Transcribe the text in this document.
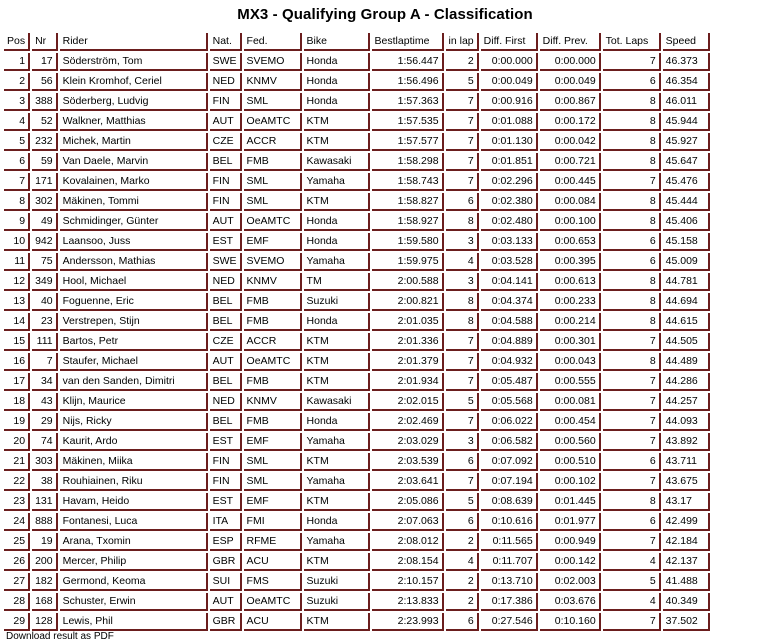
MX3 - Qualifying Group A - Classification
Pos	Nr	Rider	Nat.	Fed.	Bike	Bestlaptime	in lap	Diff. First	Diff. Prev.	Tot. Laps	Speed
1	17	Söderström, Tom	SWE	SVEMO	Honda	1:56.447	2	0:00.000	0:00.000	7	46.373
2	56	Klein Kromhof, Ceriel	NED	KNMV	Honda	1:56.496	5	0:00.049	0:00.049	6	46.354
3	388	Söderberg, Ludvig	FIN	SML	Honda	1:57.363	7	0:00.916	0:00.867	8	46.011
4	52	Walkner, Matthias	AUT	OeAMTC	KTM	1:57.535	7	0:01.088	0:00.172	8	45.944
5	232	Michek, Martin	CZE	ACCR	KTM	1:57.577	7	0:01.130	0:00.042	8	45.927
6	59	Van Daele, Marvin	BEL	FMB	Kawasaki	1:58.298	7	0:01.851	0:00.721	8	45.647
7	171	Kovalainen, Marko	FIN	SML	Yamaha	1:58.743	7	0:02.296	0:00.445	7	45.476
8	302	Mäkinen, Tommi	FIN	SML	KTM	1:58.827	6	0:02.380	0:00.084	8	45.444
9	49	Schmidinger, Günter	AUT	OeAMTC	Honda	1:58.927	8	0:02.480	0:00.100	8	45.406
10	942	Laansoo, Juss	EST	EMF	Honda	1:59.580	3	0:03.133	0:00.653	6	45.158
11	75	Andersson, Mathias	SWE	SVEMO	Yamaha	1:59.975	4	0:03.528	0:00.395	6	45.009
12	349	Hool, Michael	NED	KNMV	TM	2:00.588	3	0:04.141	0:00.613	8	44.781
13	40	Foguenne, Eric	BEL	FMB	Suzuki	2:00.821	8	0:04.374	0:00.233	8	44.694
14	23	Verstrepen, Stijn	BEL	FMB	Honda	2:01.035	8	0:04.588	0:00.214	8	44.615
15	111	Bartos, Petr	CZE	ACCR	KTM	2:01.336	7	0:04.889	0:00.301	7	44.505
16	7	Staufer, Michael	AUT	OeAMTC	KTM	2:01.379	7	0:04.932	0:00.043	8	44.489
17	34	van den Sanden, Dimitri	BEL	FMB	KTM	2:01.934	7	0:05.487	0:00.555	7	44.286
18	43	Klijn, Maurice	NED	KNMV	Kawasaki	2:02.015	5	0:05.568	0:00.081	7	44.257
19	29	Nijs, Ricky	BEL	FMB	Honda	2:02.469	7	0:06.022	0:00.454	7	44.093
20	74	Kaurit, Ardo	EST	EMF	Yamaha	2:03.029	3	0:06.582	0:00.560	7	43.892
21	303	Mäkinen, Miika	FIN	SML	KTM	2:03.539	6	0:07.092	0:00.510	6	43.711
22	38	Rouhiainen, Riku	FIN	SML	Yamaha	2:03.641	7	0:07.194	0:00.102	7	43.675
23	131	Havam, Heido	EST	EMF	KTM	2:05.086	5	0:08.639	0:01.445	8	43.17
24	888	Fontanesi, Luca	ITA	FMI	Honda	2:07.063	6	0:10.616	0:01.977	6	42.499
25	19	Arana, Txomin	ESP	RFME	Yamaha	2:08.012	2	0:11.565	0:00.949	7	42.184
26	200	Mercer, Philip	GBR	ACU	KTM	2:08.154	4	0:11.707	0:00.142	4	42.137
27	182	Germond, Keoma	SUI	FMS	Suzuki	2:10.157	2	0:13.710	0:02.003	5	41.488
28	168	Schuster, Erwin	AUT	OeAMTC	Suzuki	2:13.833	2	0:17.386	0:03.676	4	40.349
29	128	Lewis, Phil	GBR	ACU	KTM	2:23.993	6	0:27.546	0:10.160	7	37.502
Download result as PDF
